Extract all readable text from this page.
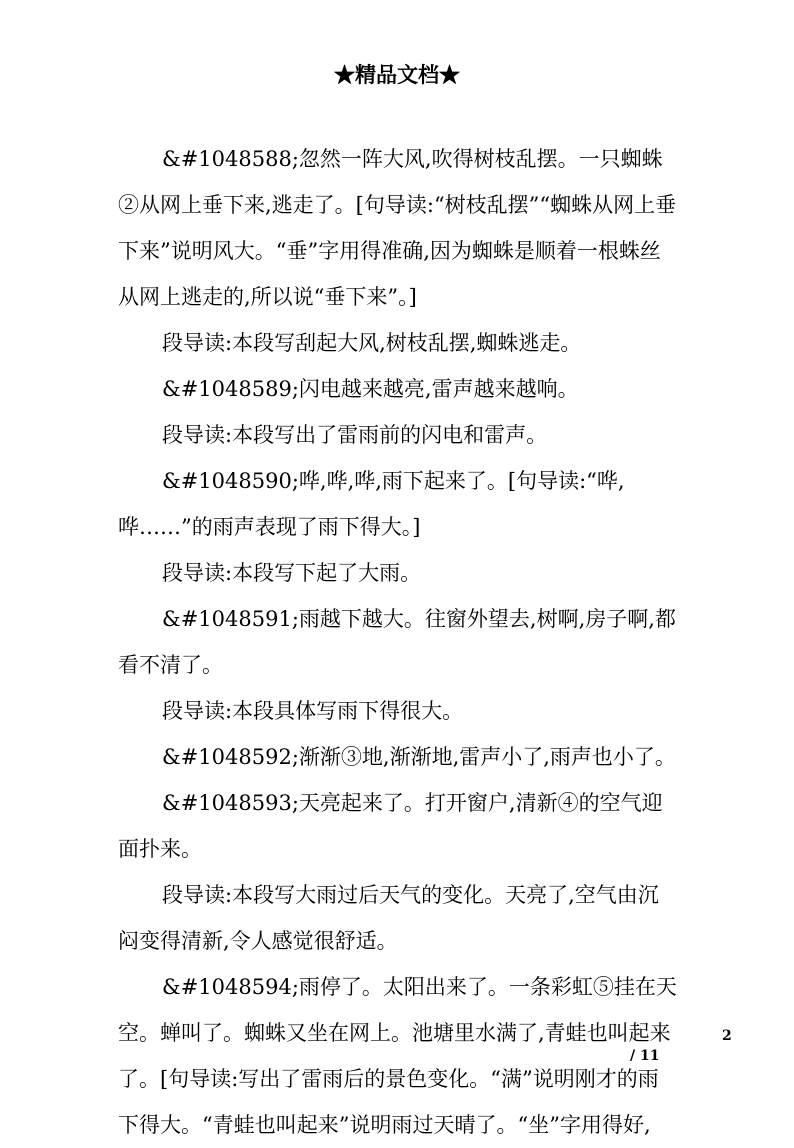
★精品文档★

&#1048588;忽然一阵大风,吹得树枝乱摆。一只蜘蛛②从网上垂下来,逃走了。[句导读:“树枝乱摆”“蜘蛛从网上垂下来”说明风大。“垂”字用得准确,因为蜘蛛是顺着一根蛛丝从网上逃走的,所以说“垂下来”。]

段导读:本段写刮起大风,树枝乱摆,蜘蛛逃走。

&#1048589;闪电越来越亮,雷声越来越响。

段导读:本段写出了雷雨前的闪电和雷声。

&#1048590;哗,哗,哗,雨下起来了。[句导读:“哗,哗……”的雨声表现了雨下得大。]

段导读:本段写下起了大雨。

&#1048591;雨越下越大。往窗外望去,树啊,房子啊,都看不清了。

段导读:本段具体写雨下得很大。

&#1048592;渐渐③地,渐渐地,雷声小了,雨声也小了。

&#1048593;天亮起来了。打开窗户,清新④的空气迎面扑来。

段导读:本段写大雨过后天气的变化。天亮了,空气由沉闷变得清新,令人感觉很舒适。

&#1048594;雨停了。太阳出来了。一条彩虹⑤挂在天空。蝉叫了。蜘蛛又坐在网上。池塘里水满了,青蛙也叫起来了。[句导读:写出了雷雨后的景色变化。“满”说明刚才的雨下得大。“青蛙也叫起来”说明雨过天晴了。“坐”字用得好,

2
/ 11
